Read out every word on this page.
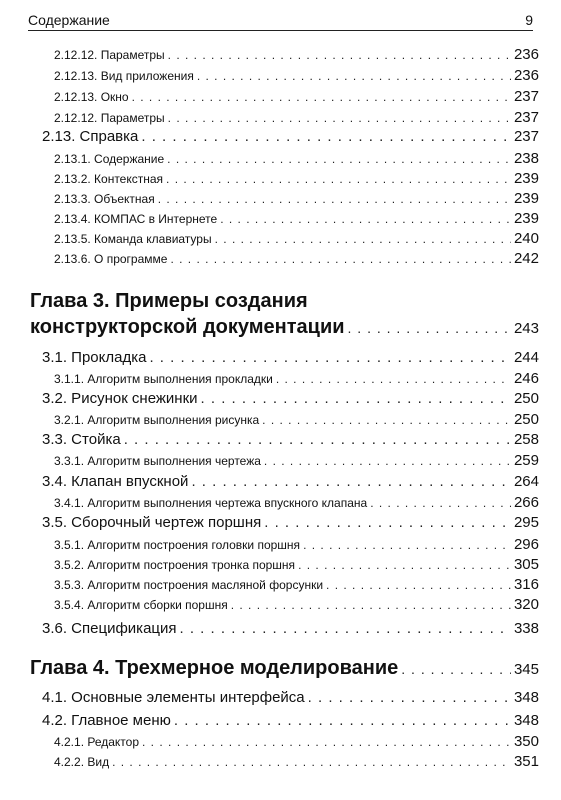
Содержание	9
2.12.12. Параметры . . .	236
2.12.13. Вид приложения . . .	236
2.12.13. Окно . . .	237
2.12.12. Параметры . . .	237
2.13. Справка . . .	237
2.13.1. Содержание . . .	238
2.13.2. Контекстная . . .	239
2.13.3. Объектная . . .	239
2.13.4. КОМПАС в Интернете . . .	239
2.13.5. Команда клавиатуры . . .	240
2.13.6. О программе . . .	242
Глава 3. Примеры создания
конструкторской документации . . .	243
3.1. Прокладка . . .	244
3.1.1. Алгоритм выполнения прокладки . . .	246
3.2. Рисунок снежинки . . .	250
3.2.1. Алгоритм выполнения рисунка . . .	250
3.3. Стойка . . .	258
3.3.1. Алгоритм выполнения чертежа . . .	259
3.4. Клапан впускной . . .	264
3.4.1. Алгоритм выполнения чертежа впускного клапана . . .	266
3.5. Сборочный чертеж поршня . . .	295
3.5.1. Алгоритм построения головки поршня . . .	296
3.5.2. Алгоритм построения тронка поршня . . .	305
3.5.3. Алгоритм построения масляной форсунки . . .	316
3.5.4. Алгоритм сборки поршня . . .	320
3.6. Спецификация . . .	338
Глава 4. Трехмерное моделирование . . .	345
4.1. Основные элементы интерфейса . . .	348
4.2. Главное меню . . .	348
4.2.1. Редактор . . .	350
4.2.2. Вид . . .	351
